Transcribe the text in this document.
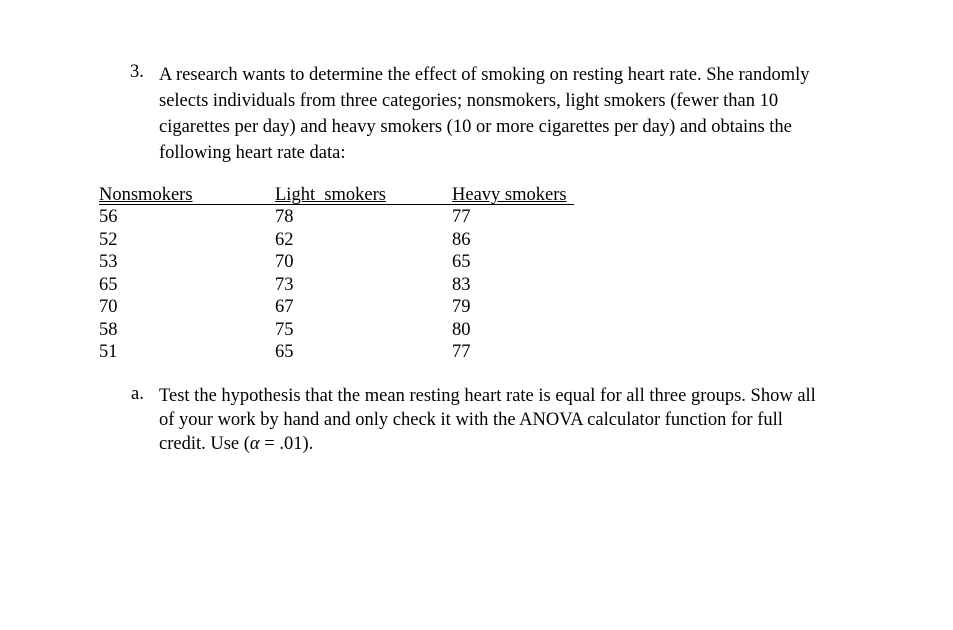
3. A research wants to determine the effect of smoking on resting heart rate. She randomly
selects individuals from three categories; nonsmokers, light smokers (fewer than 10
cigarettes per day) and heavy smokers (10 or more cigarettes per day) and obtains the
following heart rate data:
Nonsmokers
56
52
53
65
70
58
51
Light  smokers
78
62
70
73
67
75
65
Heavy smokers
77
86
65
83
79
80
77
a. Test the hypothesis that the mean resting heart rate is equal for all three groups. Show all
of your work by hand and only check it with the ANOVA calculator function for full
credit. Use (α = .01).
